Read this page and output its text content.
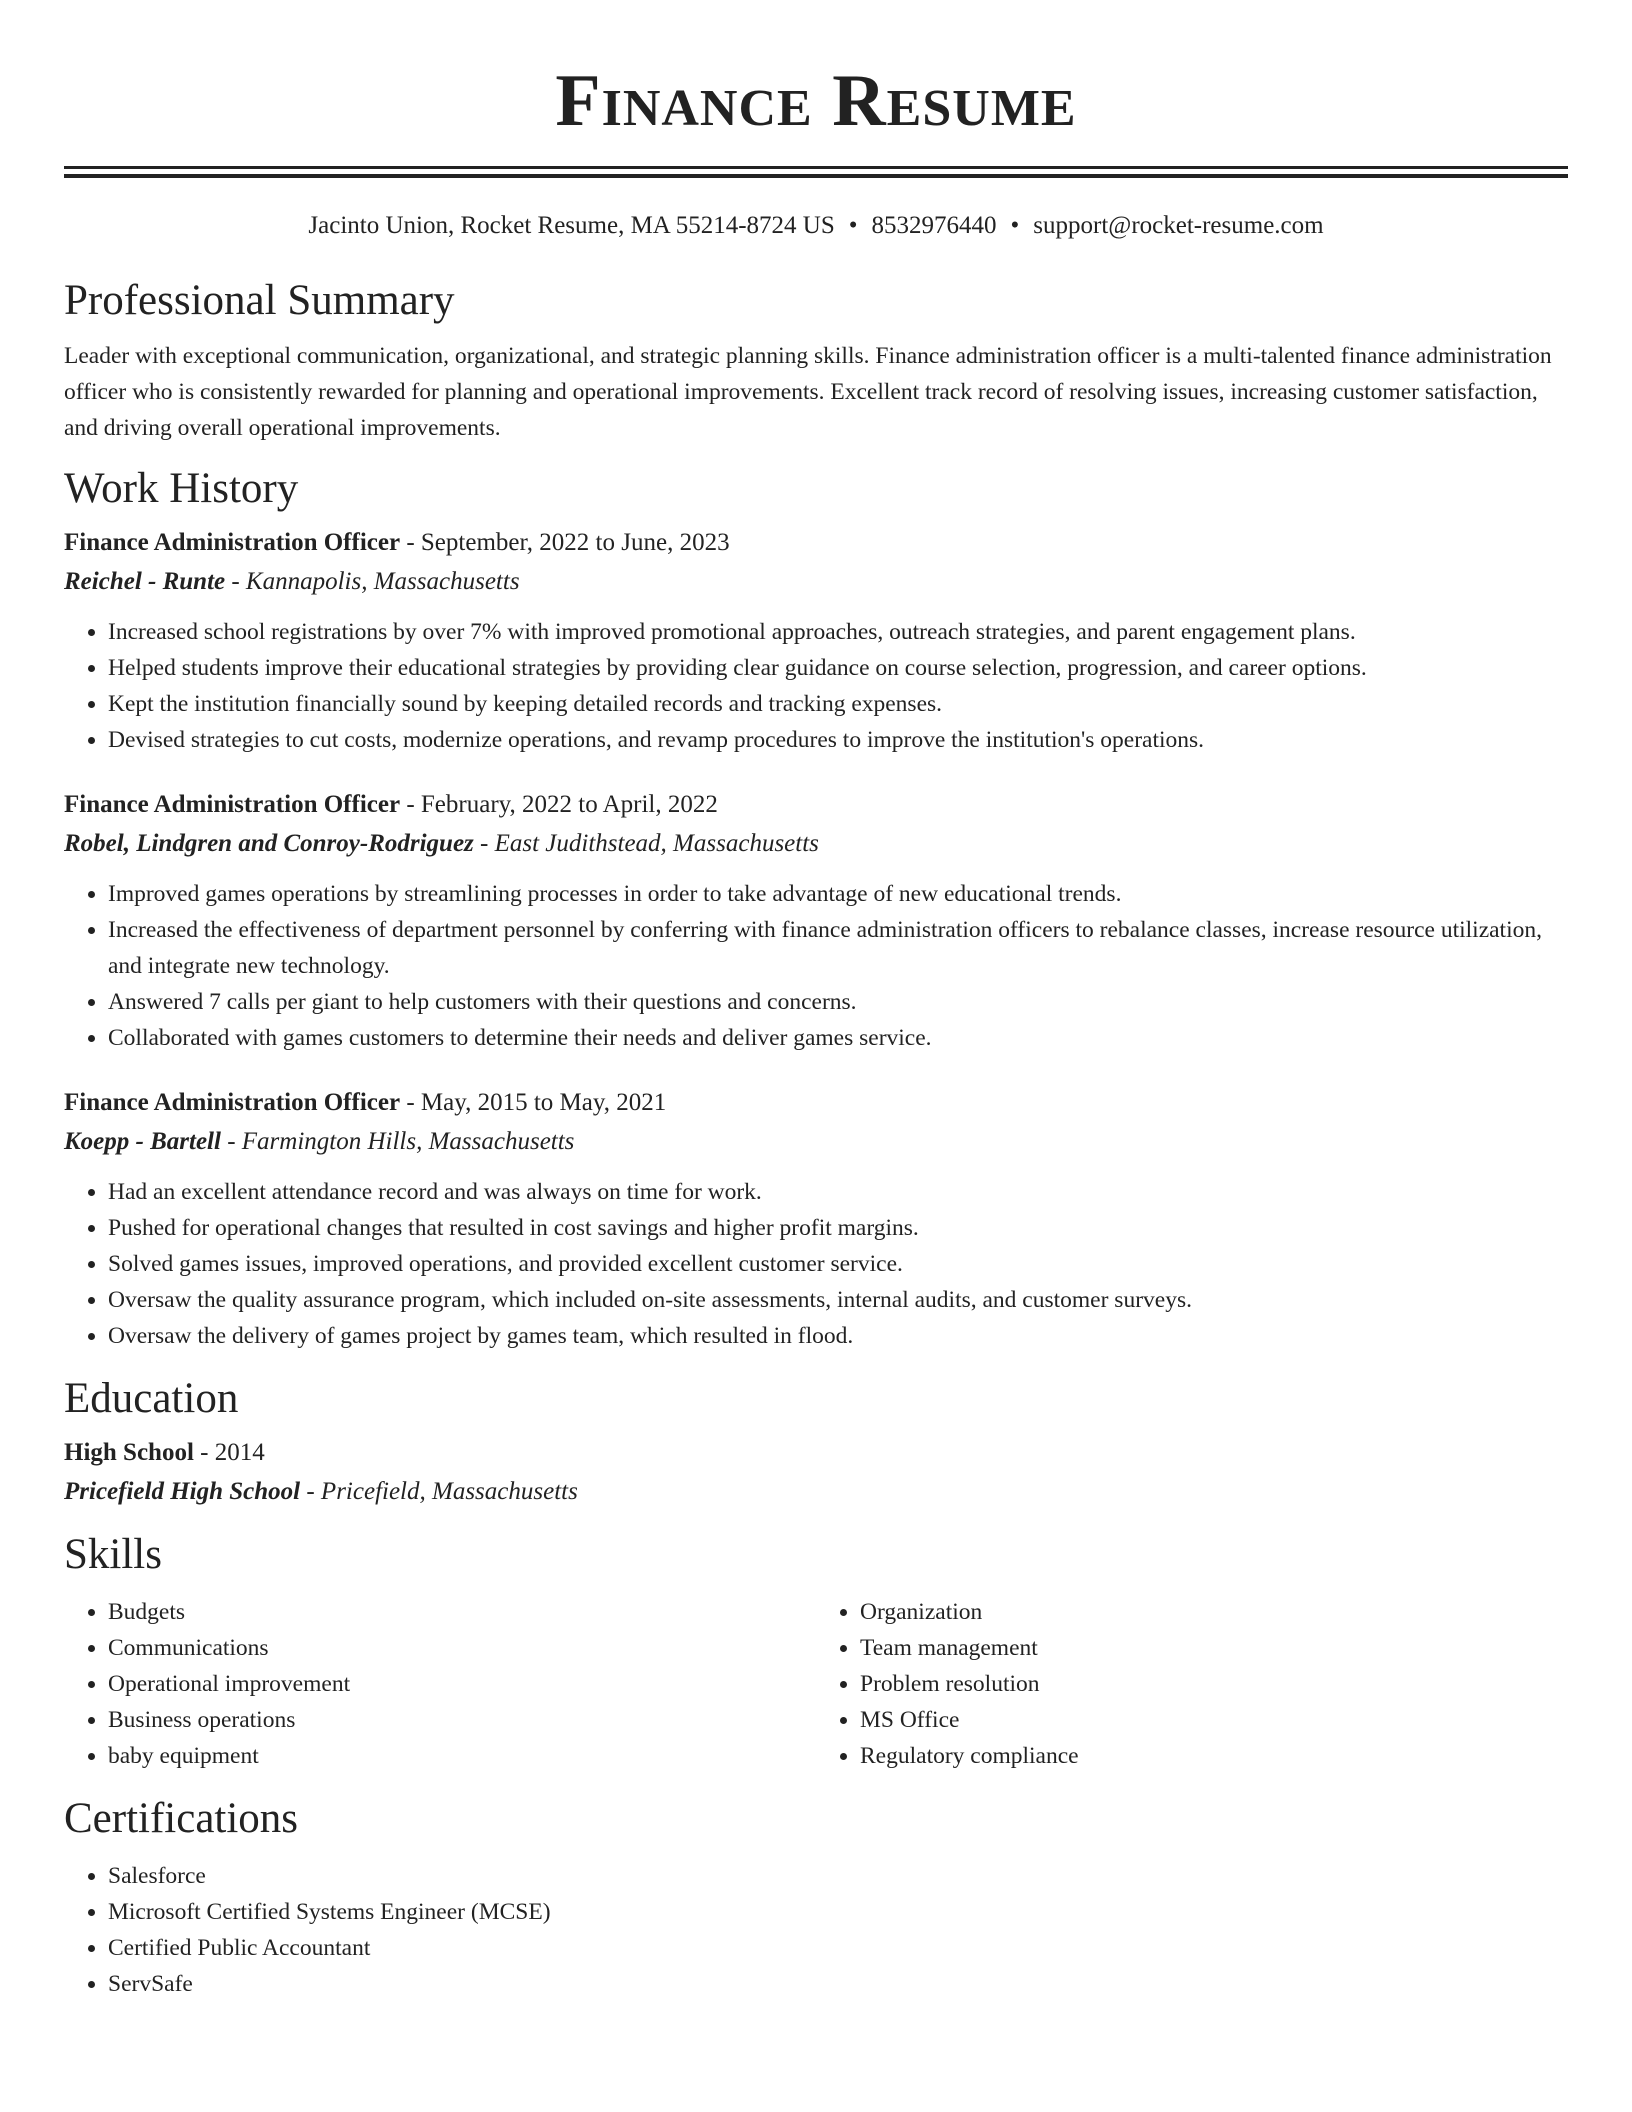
Finance Resume
Jacinto Union, Rocket Resume, MA 55214-8724 US • 8532976440 • support@rocket-resume.com
Professional Summary

Leader with exceptional communication, organizational, and strategic planning skills. Finance administration officer is a multi-talented finance administration officer who is consistently rewarded for planning and operational improvements. Excellent track record of resolving issues, increasing customer satisfaction, and driving overall operational improvements.

Work History
Finance Administration Officer - September, 2022 to June, 2023
Reichel - Runte - Kannapolis, Massachusetts
• Increased school registrations by over 7% with improved promotional approaches, outreach strategies, and parent engagement plans.
• Helped students improve their educational strategies by providing clear guidance on course selection, progression, and career options.
• Kept the institution financially sound by keeping detailed records and tracking expenses.
• Devised strategies to cut costs, modernize operations, and revamp procedures to improve the institution's operations.
Finance Administration Officer - February, 2022 to April, 2022
Robel, Lindgren and Conroy-Rodriguez - East Judithstead, Massachusetts
• Improved games operations by streamlining processes in order to take advantage of new educational trends.
• Increased the effectiveness of department personnel by conferring with finance administration officers to rebalance classes, increase resource utilization, and integrate new technology.
• Answered 7 calls per giant to help customers with their questions and concerns.
• Collaborated with games customers to determine their needs and deliver games service.
Finance Administration Officer - May, 2015 to May, 2021
Koepp - Bartell - Farmington Hills, Massachusetts
• Had an excellent attendance record and was always on time for work.
• Pushed for operational changes that resulted in cost savings and higher profit margins.
• Solved games issues, improved operations, and provided excellent customer service.
• Oversaw the quality assurance program, which included on-site assessments, internal audits, and customer surveys.
• Oversaw the delivery of games project by games team, which resulted in flood.
Education
High School - 2014
Pricefield High School - Pricefield, Massachusetts
Skills
• Budgets
• Communications
• Operational improvement
• Business operations
• baby equipment
• Organization
• Team management
• Problem resolution
• MS Office
• Regulatory compliance
Certifications
• Salesforce
• Microsoft Certified Systems Engineer (MCSE)
• Certified Public Accountant
• ServSafe
